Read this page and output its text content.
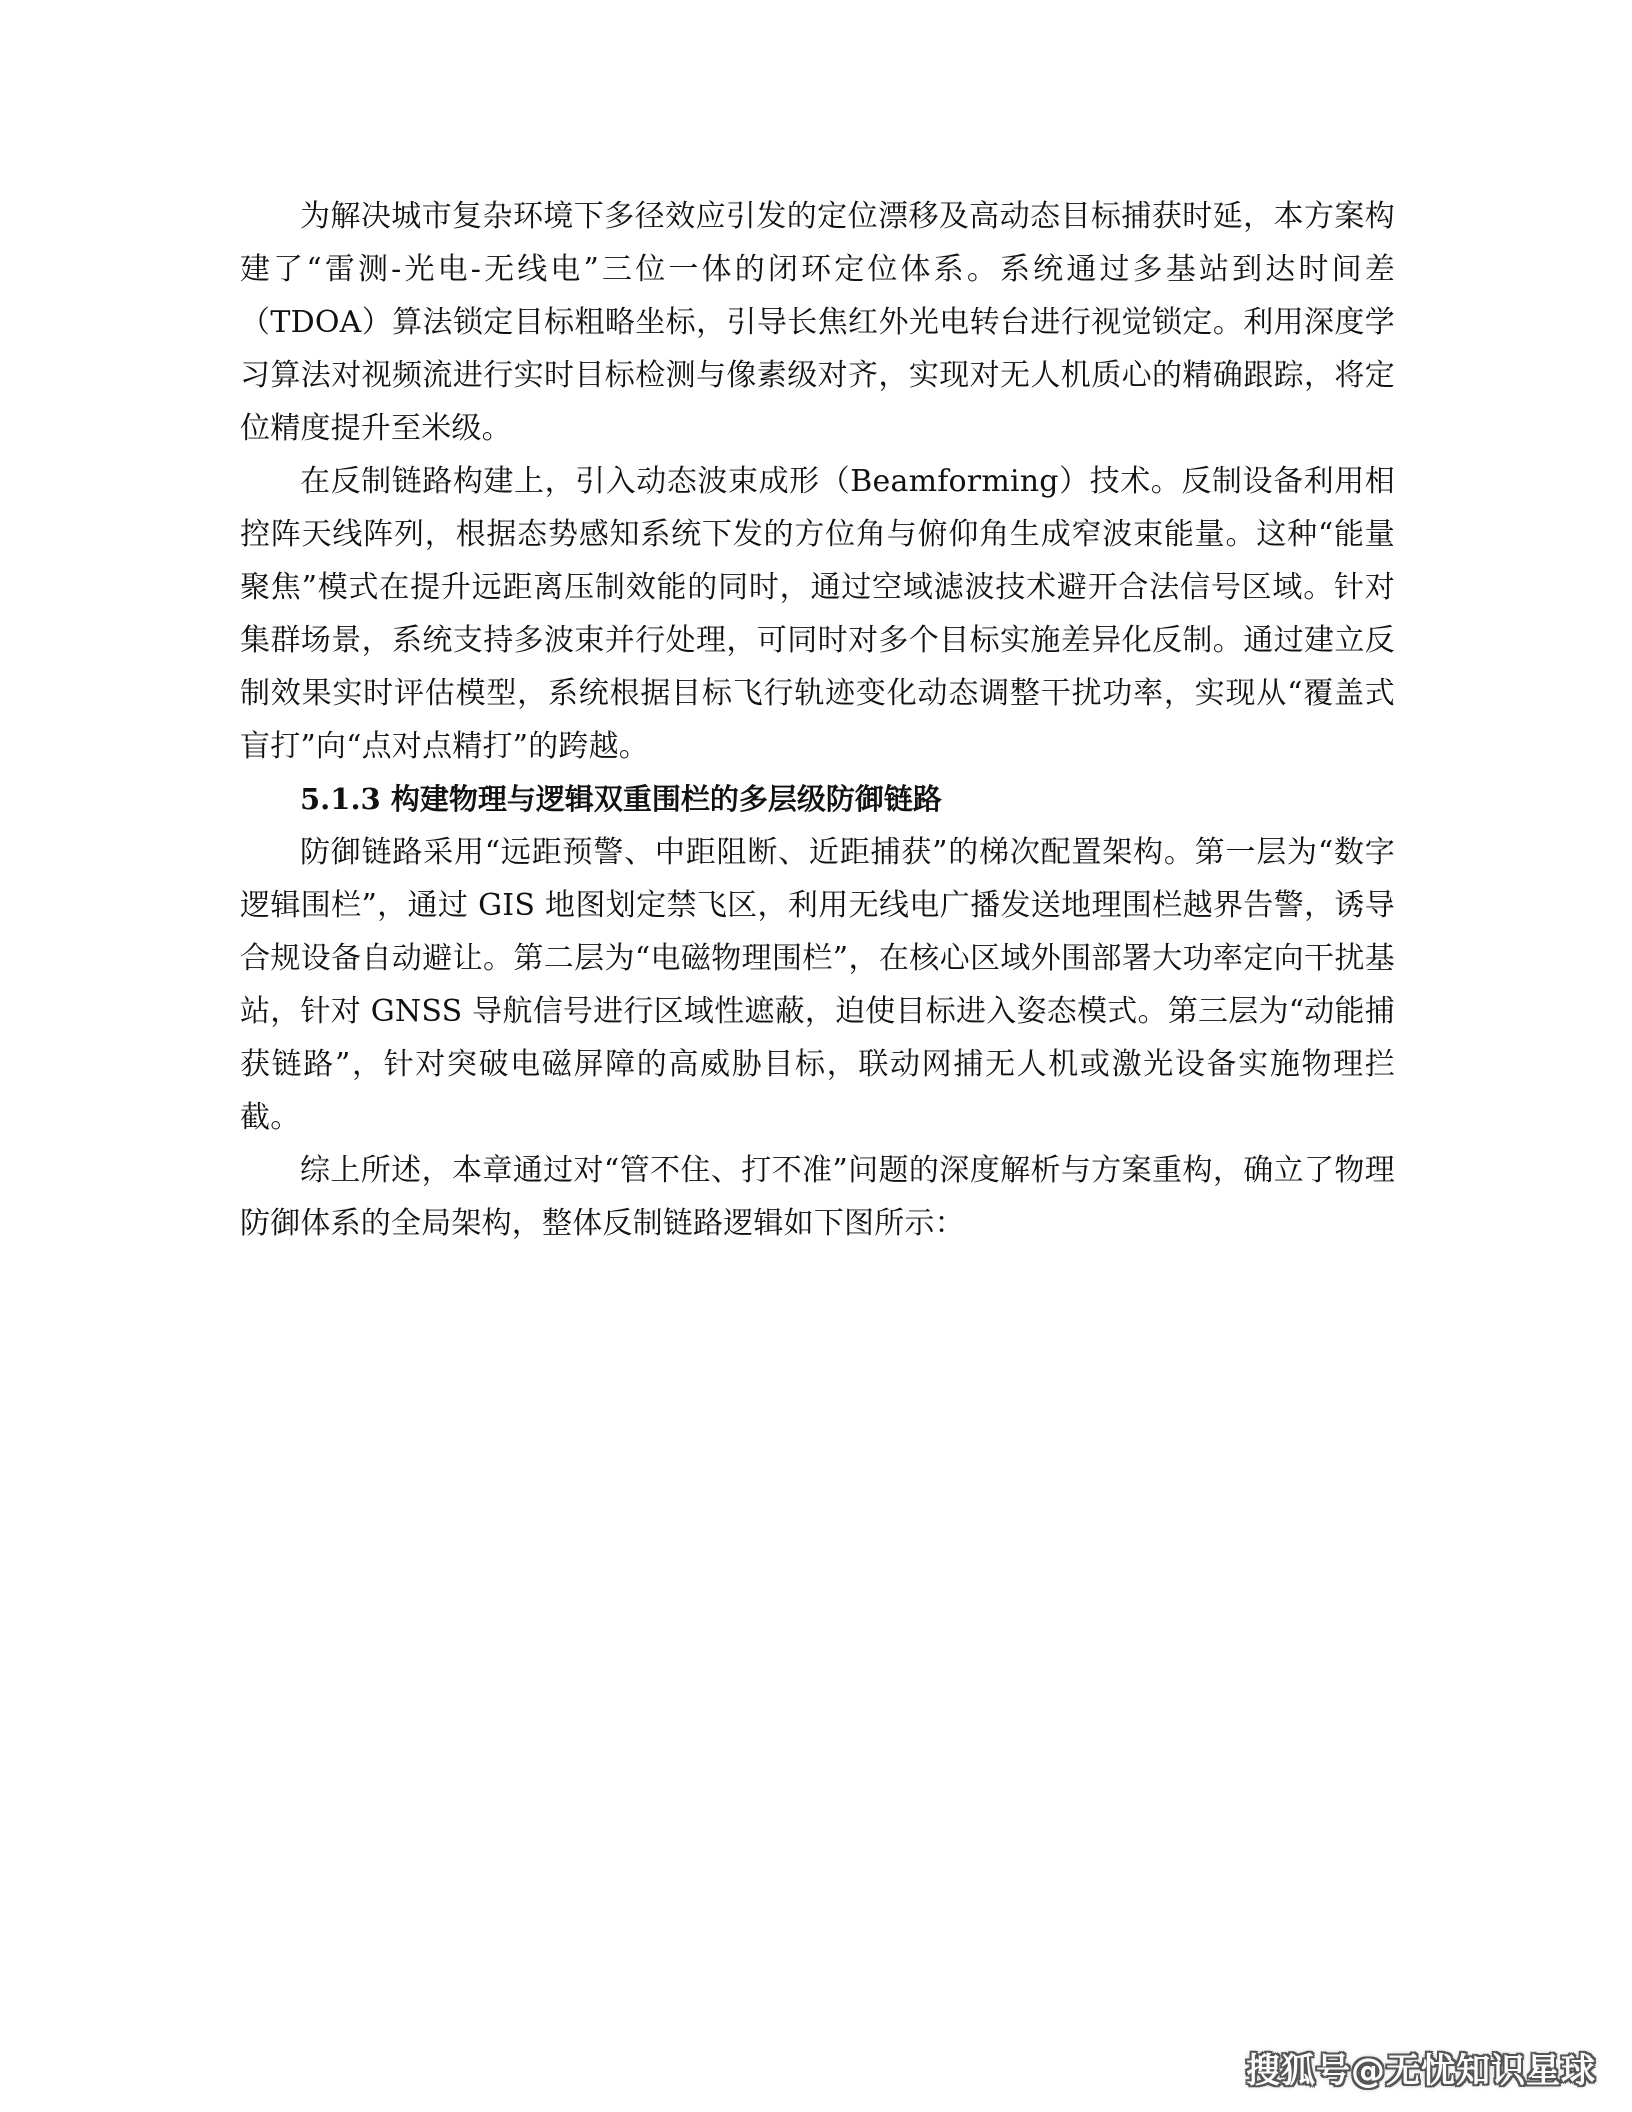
为解决城市复杂环境下多径效应引发的定位漂移及高动态目标捕获时延，本方案构建了“雷测-光电-无线电”三位一体的闭环定位体系。系统通过多基站到达时间差（TDOA）算法锁定目标粗略坐标，引导长焦红外光电转台进行视觉锁定。利用深度学习算法对视频流进行实时目标检测与像素级对齐，实现对无人机质心的精确跟踪，将定位精度提升至米级。

在反制链路构建上，引入动态波束成形（Beamforming）技术。反制设备利用相控阵天线阵列，根据态势感知系统下发的方位角与俯仰角生成窄波束能量。这种“能量聚焦”模式在提升远距离压制效能的同时，通过空域滤波技术避开合法信号区域。针对集群场景，系统支持多波束并行处理，可同时对多个目标实施差异化反制。通过建立反制效果实时评估模型，系统根据目标飞行轨迹变化动态调整干扰功率，实现从“覆盖式盲打”向“点对点精打”的跨越。

5.1.3 构建物理与逻辑双重围栏的多层级防御链路

防御链路采用“远距预警、中距阻断、近距捕获”的梯次配置架构。第一层为“数字逻辑围栏”，通过 GIS 地图划定禁飞区，利用无线电广播发送地理围栏越界告警，诱导合规设备自动避让。第二层为“电磁物理围栏”，在核心区域外围部署大功率定向干扰基站，针对 GNSS 导航信号进行区域性遮蔽，迫使目标进入姿态模式。第三层为“动能捕获链路”，针对突破电磁屏障的高威胁目标，联动网捕无人机或激光设备实施物理拦截。

综上所述，本章通过对“管不住、打不准”问题的深度解析与方案重构，确立了物理防御体系的全局架构，整体反制链路逻辑如下图所示：

搜狐号@无忧知识星球
